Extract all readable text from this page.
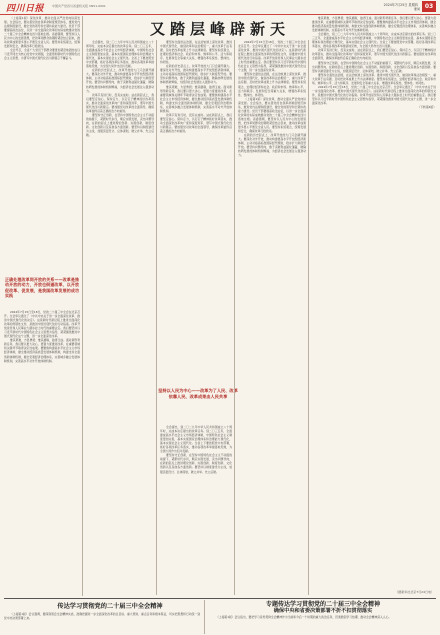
四川日报	中国共产党四川省委机关报 CN51-0001	2024年7月25日 星期四
要闻 03
又踏层峰辟新天

（上接第1版）深化改革，推动全面从严治党向纵深发展。全会指出，要完善党的自我革命制度规范体系，推进党内法规制度建设，健全党的领导和长期执政能力建设。党员干部要提高政治站位，以进一步全面深化改革的实际成效推动党的二十届三中全会精神在四川落地生根。省委强调，要坚持以人民为中心的发展思想，把改革同群众的期盼紧密结合起来，推动改革成果更多更公平惠及全省人民。要坚持系统观念，统筹发展和安全，确保改革行稳致远。

全会号召，全省广大党员干部群众要更加紧密地团结在以习近平同志为核心的党中央周围，全面贯彻新时代中国特色社会主义思想，为谱写中国式现代化四川新篇章不懈奋斗。

正确处理改革同开放的关系——改革是推动开放的动力，开放也倒逼改革，以开放促改革、促发展，是我国改革发展的成功实践

2024年7月15日至18日，党的二十届三中全会在北京召开。全会审议通过了《中共中央关于进一步全面深化改革、推进中国式现代化的决定》。这是新时代新征程上推进全面深化改革的纲领性文件，是推进中国式现代化的行动指南。改革开放是党和人民事业大踏步赶上时代的重要法宝。我们要坚持以习近平新时代中国特色社会主义思想为指导，紧紧围绕推进中国式现代化这个主题，进一步全面深化改革。

惟其艰难，方显勇毅；惟其磨砺，始得玉成。面对新形势新任务，我们要以更大决心、更强力度推进改革，在重要领域和关键环节取得决定性成果。要聚焦构建高水平社会主义市场经济体制，健全推动经济高质量发展体制机制，构建支持全面创新体制机制，健全宏观经济治理体系，完善城乡融合发展体制机制，完善高水平对外开放体制机制。

全会提出，到二〇二九年中华人民共和国成立八十周年时，完成本决定提出的改革任务。到二〇三五年，全面建成高水平社会主义市场经济体制，中国特色社会主义制度更加完善，基本实现国家治理体系和治理能力现代化，基本实现社会主义现代化。全省上下要按照党中央部署，抓好各项改革任务落实，推动各项改革举措落地见效，为全国大局作出四川贡献。

在新的历史起点上，改革开放的大门只会越开越大。要深化对外开放，推动构建更高水平开放型经济新体制，主动对接高标准国际经贸规则，稳步扩大制度型开放。要坚持问题导向，敢于突破利益固化藩篱，破除妨碍发展的体制机制弊端，为经济社会发展注入强劲动力。

改革只有进行时，没有完成时。站在新起点上，我们要坚定信心、保持定力，以钉钉子精神抓好改革落实，推动全面深化改革向广度和深度进军，谱写中国式现代化四川新篇章。要加强党对改革的全面领导，确保改革始终沿着正确政治方向前进。

要坚持守正创新，在坚持中国特色社会主义不动摇的前提下，紧跟时代步伐，顺应实践发展，突出问题导向，在新的起点上推进理论创新、实践创新、制度创新、文化创新以及其他各方面创新。要坚持以制度建设为主线，加强顶层设计、总体谋划，破立并举、先立后破。

要坚持全面依法治国，在法治轨道上深化改革、推进中国式现代化，做到改革和法治相统一，重大改革于法有据、及时把改革成果上升为法律制度。要坚持系统观念，处理好经济和社会、政府和市场、效率和公平、活力和秩序、发展和安全等重大关系，增强改革系统性、整体性、协同性。

在新的历史起点上，改革开放的大门只会越开越大。要深化对外开放，推动构建更高水平开放型经济新体制，主动对接高标准国际经贸规则，稳步扩大制度型开放。要坚持问题导向，敢于突破利益固化藩篱，破除妨碍发展的体制机制弊端，为经济社会发展注入强劲动力。

惟其艰难，方显勇毅；惟其磨砺，始得玉成。面对新形势新任务，我们要以更大决心、更强力度推进改革，在重要领域和关键环节取得决定性成果。要聚焦构建高水平社会主义市场经济体制，健全推动经济高质量发展体制机制，构建支持全面创新体制机制，健全宏观经济治理体系，完善城乡融合发展体制机制，完善高水平对外开放体制机制。

改革只有进行时，没有完成时。站在新起点上，我们要坚定信心、保持定力，以钉钉子精神抓好改革落实，推动全面深化改革向广度和深度进军，谱写中国式现代化四川新篇章。要加强党对改革的全面领导，确保改革始终沿着正确政治方向前进。

坚持以人民为中心——改革为了人民、改革依靠人民、改革成果由人民共享

全会提出，到二〇二九年中华人民共和国成立八十周年时，完成本决定提出的改革任务。到二〇三五年，全面建成高水平社会主义市场经济体制，中国特色社会主义制度更加完善，基本实现国家治理体系和治理能力现代化，基本实现社会主义现代化。全省上下要按照党中央部署，抓好各项改革任务落实，推动各项改革举措落地见效，为全国大局作出四川贡献。

要坚持守正创新，在坚持中国特色社会主义不动摇的前提下，紧跟时代步伐，顺应实践发展，突出问题导向，在新的起点上推进理论创新、实践创新、制度创新、文化创新以及其他各方面创新。要坚持以制度建设为主线，加强顶层设计、总体谋划，破立并举、先立后破。

2024年7月15日至18日，党的二十届三中全会在北京召开。全会审议通过了《中共中央关于进一步全面深化改革、推进中国式现代化的决定》。这是新时代新征程上推进全面深化改革的纲领性文件，是推进中国式现代化的行动指南。改革开放是党和人民事业大踏步赶上时代的重要法宝。我们要坚持以习近平新时代中国特色社会主义思想为指导，紧紧围绕推进中国式现代化这个主题，进一步全面深化改革。

要坚持全面依法治国，在法治轨道上深化改革、推进中国式现代化，做到改革和法治相统一，重大改革于法有据、及时把改革成果上升为法律制度。要坚持系统观念，处理好经济和社会、政府和市场、效率和公平、活力和秩序、发展和安全等重大关系，增强改革系统性、整体性、协同性。

（上接第1版）深化改革，推动全面从严治党向纵深发展。全会指出，要完善党的自我革命制度规范体系，推进党内法规制度建设，健全党的领导和长期执政能力建设。党员干部要提高政治站位，以进一步全面深化改革的实际成效推动党的二十届三中全会精神在四川落地生根。省委强调，要坚持以人民为中心的发展思想，把改革同群众的期盼紧密结合起来，推动改革成果更多更公平惠及全省人民。要坚持系统观念，统筹发展和安全，确保改革行稳致远。

在新的历史起点上，改革开放的大门只会越开越大。要深化对外开放，推动构建更高水平开放型经济新体制，主动对接高标准国际经贸规则，稳步扩大制度型开放。要坚持问题导向，敢于突破利益固化藩篱，破除妨碍发展的体制机制弊端，为经济社会发展注入强劲动力。

惟其艰难，方显勇毅；惟其磨砺，始得玉成。面对新形势新任务，我们要以更大决心、更强力度推进改革，在重要领域和关键环节取得决定性成果。要聚焦构建高水平社会主义市场经济体制，健全推动经济高质量发展体制机制，构建支持全面创新体制机制，健全宏观经济治理体系，完善城乡融合发展体制机制，完善高水平对外开放体制机制。

全会提出，到二〇二九年中华人民共和国成立八十周年时，完成本决定提出的改革任务。到二〇三五年，全面建成高水平社会主义市场经济体制，中国特色社会主义制度更加完善，基本实现国家治理体系和治理能力现代化，基本实现社会主义现代化。全省上下要按照党中央部署，抓好各项改革任务落实，推动各项改革举措落地见效，为全国大局作出四川贡献。

改革只有进行时，没有完成时。站在新起点上，我们要坚定信心、保持定力，以钉钉子精神抓好改革落实，推动全面深化改革向广度和深度进军，谱写中国式现代化四川新篇章。要加强党对改革的全面领导，确保改革始终沿着正确政治方向前进。

要坚持守正创新，在坚持中国特色社会主义不动摇的前提下，紧跟时代步伐，顺应实践发展，突出问题导向，在新的起点上推进理论创新、实践创新、制度创新、文化创新以及其他各方面创新。要坚持以制度建设为主线，加强顶层设计、总体谋划，破立并举、先立后破。

要坚持全面依法治国，在法治轨道上深化改革、推进中国式现代化，做到改革和法治相统一，重大改革于法有据、及时把改革成果上升为法律制度。要坚持系统观念，处理好经济和社会、政府和市场、效率和公平、活力和秩序、发展和安全等重大关系，增强改革系统性、整体性、协同性。

2024年7月15日至18日，党的二十届三中全会在北京召开。全会审议通过了《中共中央关于进一步全面深化改革、推进中国式现代化的决定》。这是新时代新征程上推进全面深化改革的纲领性文件，是推进中国式现代化的行动指南。改革开放是党和人民事业大踏步赶上时代的重要法宝。我们要坚持以习近平新时代中国特色社会主义思想为指导，紧紧围绕推进中国式现代化这个主题，进一步全面深化改革。

（下转第4版）

传达学习贯彻党的二十届三中全会精神

（上接第1版）会议强调，要深刻领会全会精神实质，准确把握进一步全面深化改革的总目标、重大原则、重点任务和根本保证，切实把思想和行动统一到党中央决策部署上来。

专题传达学习贯彻党的二十届三中全会精神
确保中央和省委决策部署不折不扣贯彻落实

（上接第1版）会议指出，要把学习宣传贯彻全会精神作为当前和今后一个时期的重大政治任务，迅速掀起学习热潮，推动全会精神深入人心。

（据新华社北京7月24日电）
